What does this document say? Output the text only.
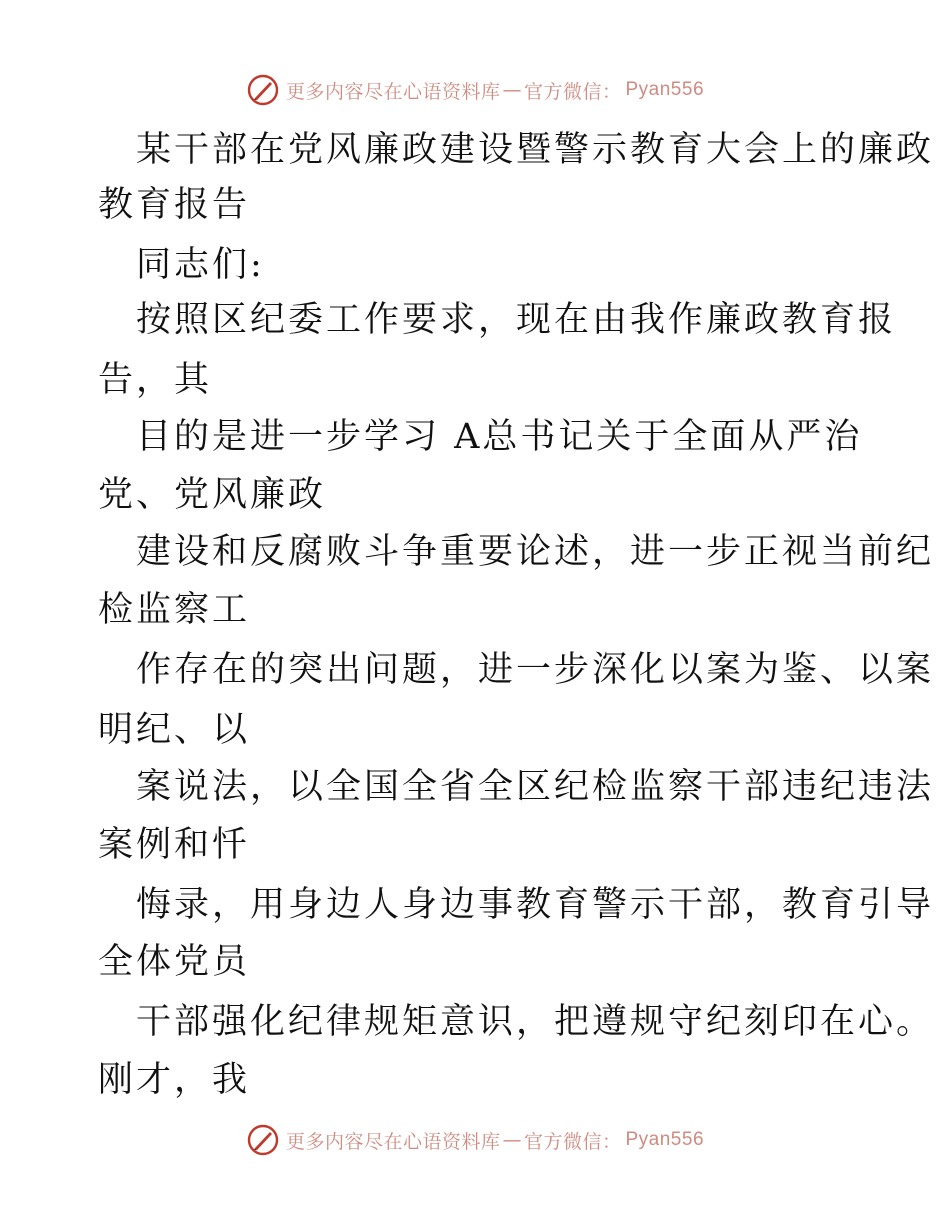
更多内容尽在心语资料库 — 官方微信： Pyan556
某干部在党风廉政建设暨警示教育大会上的廉政
教育报告
同志们:
按照区纪委工作要求，现在由我作廉政教育报
告，其
目的是进一步学习 A总书记关于全面从严治
党、党风廉政
建设和反腐败斗争重要论述，进一步正视当前纪
检监察工
作存在的突出问题，进一步深化以案为鉴、以案
明纪、以
案说法，以全国全省全区纪检监察干部违纪违法
案例和忏
悔录，用身边人身边事教育警示干部，教育引导
全体党员
干部强化纪律规矩意识，把遵规守纪刻印在心。
刚才，我
更多内容尽在心语资料库 — 官方微信： Pyan556
